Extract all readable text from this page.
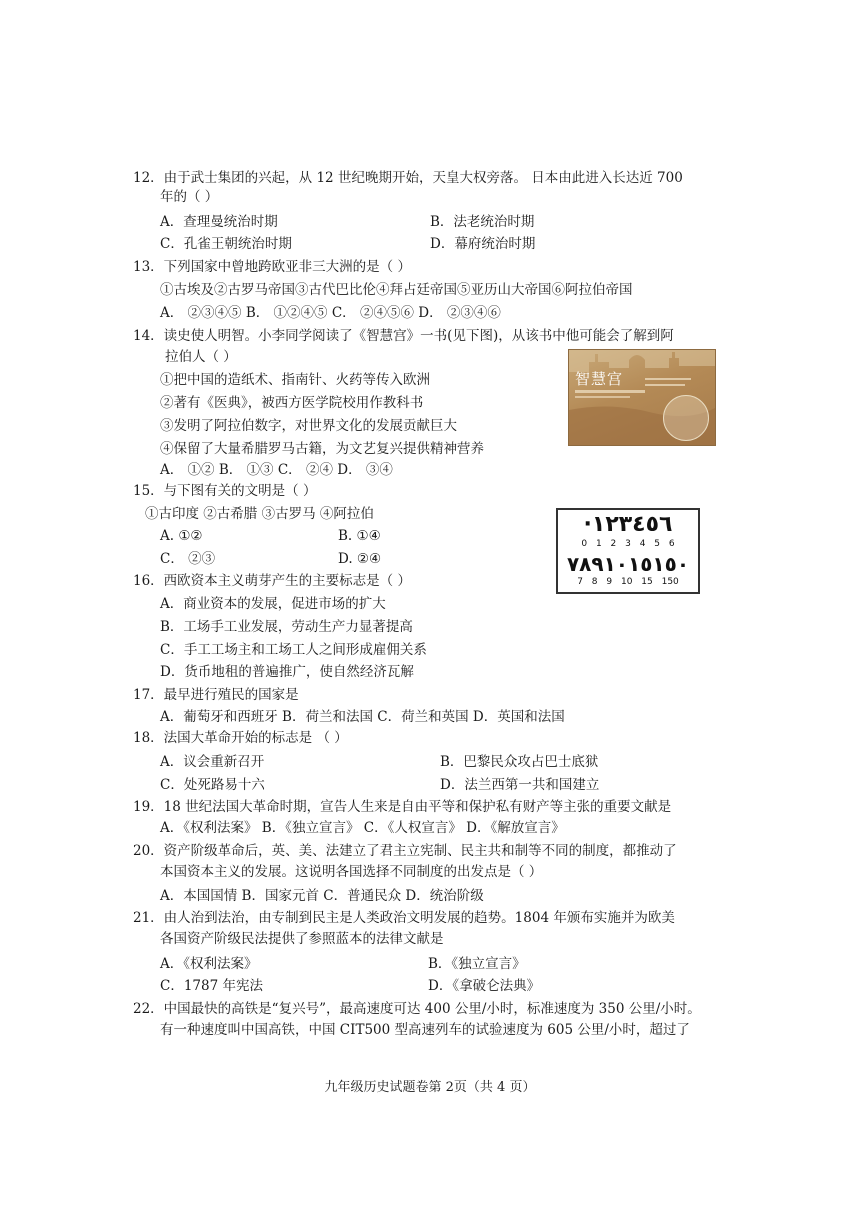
12．由于武士集团的兴起，从 12 世纪晚期开始，天皇大权旁落。 日本由此进入长达近 700
年的（ ）
A．查理曼统治时期	B．法老统治时期
C．孔雀王朝统治时期	D．幕府统治时期
13．下列国家中曾地跨欧亚非三大洲的是（ ）
①古埃及②古罗马帝国③古代巴比伦④拜占廷帝国⑤亚历山大帝国⑥阿拉伯帝国
A． ②③④⑤ B． ①②④⑤ C． ②④⑤⑥ D． ②③④⑥
14．读史使人明智。小李同学阅读了《智慧宫》一书(见下图)，从该书中他可能会了解到阿
拉伯人（ ）
①把中国的造纸术、指南针、火药等传入欧洲
②著有《医典》，被西方医学院校用作教科书
③发明了阿拉伯数字，对世界文化的发展贡献巨大
④保留了大量希腊罗马古籍，为文艺复兴提供精神营养
A． ①② B． ①③ C． ②④ D． ③④
智慧宫
15．与下图有关的文明是（ ）
①古印度 ②古希腊 ③古罗马 ④阿拉伯
A. ①②	B. ①④
C． ②③	D. ②④
·١٢٣٤٥٦
0 1 2 3 4 5 6
٧٨٩١٠١٥١٥٠
7 8 9 10 15 150
16．西欧资本主义萌芽产生的主要标志是（ ）
A．商业资本的发展，促进市场的扩大
B．工场手工业发展，劳动生产力显著提高
C．手工工场主和工场工人之间形成雇佣关系
D．货币地租的普遍推广，使自然经济瓦解
17．最早进行殖民的国家是
A．葡萄牙和西班牙 B．荷兰和法国 C．荷兰和英国 D．英国和法国
18．法国大革命开始的标志是 （ ）
A．议会重新召开	B．巴黎民众攻占巴士底狱
C．处死路易十六	D．法兰西第一共和国建立
19．18 世纪法国大革命时期，宣告人生来是自由平等和保护私有财产等主张的重要文献是
A．《权利法案》 B．《独立宣言》 C．《人权宣言》 D．《解放宣言》
20．资产阶级革命后，英、美、法建立了君主立宪制、民主共和制等不同的制度，都推动了
本国资本主义的发展。这说明各国选择不同制度的出发点是（ ）
A．本国国情 B．国家元首 C．普通民众 D．统治阶级
21．由人治到法治，由专制到民主是人类政治文明发展的趋势。1804 年颁布实施并为欧美
各国资产阶级民法提供了参照蓝本的法律文献是
A．《权利法案》	B．《独立宣言》
C．1787 年宪法	D．《拿破仑法典》
22．中国最快的高铁是“复兴号”，最高速度可达 400 公里/小时，标准速度为 350 公里/小时。
有一种速度叫中国高铁，中国 CIT500 型高速列车的试验速度为 605 公里/小时，超过了
九年级历史试题卷第 2页（共 4 页）
